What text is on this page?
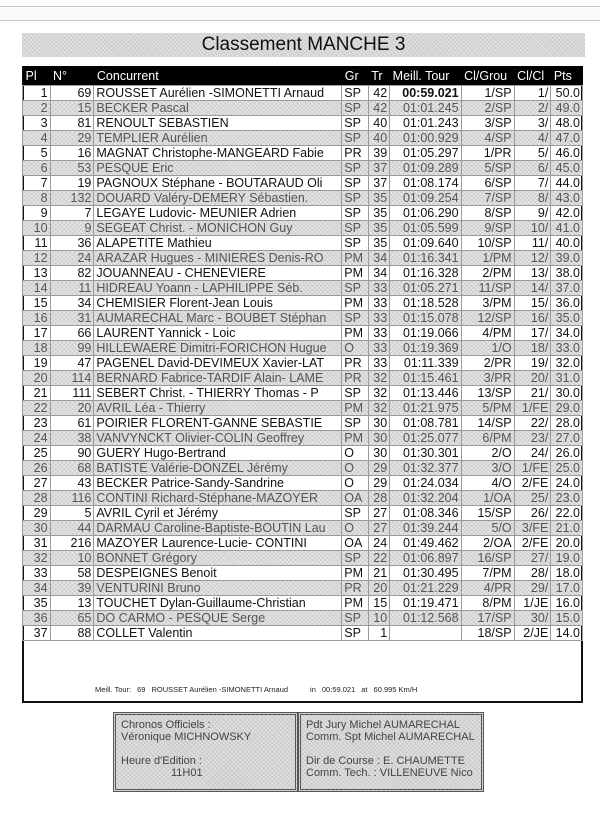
Classement MANCHE 3
Pl	N°	Concurrent	Gr	Tr	Meill. Tour	Cl/Grou	Cl/Cl	Pts
1	69	ROUSSET Aurélien -SIMONETTI Arnaud	SP	42	00:59.021	1/SP	1/	50.0
2	15	BECKER Pascal	SP	42	01:01.245	2/SP	2/	49.0
3	81	RENOULT SEBASTIEN	SP	40	01:01.243	3/SP	3/	48.0
4	29	TEMPLIER Aurélien	SP	40	01:00.929	4/SP	4/	47.0
5	16	MAGNAT Christophe-MANGEARD Fabie	PR	39	01:05.297	1/PR	5/	46.0
6	53	PESQUE Eric	SP	37	01:09.289	5/SP	6/	45.0
7	19	PAGNOUX Stéphane - BOUTARAUD Oli	SP	37	01:08.174	6/SP	7/	44.0
8	132	DOUARD Valéry-DEMERY Sébastien.	SP	35	01:09.254	7/SP	8/	43.0
9	7	LEGAYE Ludovic- MEUNIER Adrien	SP	35	01:06.290	8/SP	9/	42.0
10	9	SEGEAT Christ. - MONICHON Guy	SP	35	01:05.599	9/SP	10/	41.0
11	36	ALAPETITE Mathieu	SP	35	01:09.640	10/SP	11/	40.0
12	24	ARAZAR Hugues - MINIERES Denis-RO	PM	34	01:16.341	1/PM	12/	39.0
13	82	JOUANNEAU - CHENEVIERE	PM	34	01:16.328	2/PM	13/	38.0
14	11	HIDREAU Yoann - LAPHILIPPE Séb.	SP	33	01:05.271	11/SP	14/	37.0
15	34	CHEMISIER Florent-Jean Louis	PM	33	01:18.528	3/PM	15/	36.0
16	31	AUMARECHAL Marc - BOUBET Stéphan	SP	33	01:15.078	12/SP	16/	35.0
17	66	LAURENT Yannick - Loic	PM	33	01:19.066	4/PM	17/	34.0
18	99	HILLEWAERE Dimitri-FORICHON Hugue	O	33	01:19.369	1/O	18/	33.0
19	47	PAGENEL David-DEVIMEUX Xavier-LAT	PR	33	01:11.339	2/PR	19/	32.0
20	114	BERNARD Fabrice-TARDIF Alain- LAME	PR	32	01:15.461	3/PR	20/	31.0
21	111	SEBERT Christ. - THIERRY Thomas - P	SP	32	01:13.446	13/SP	21/	30.0
22	20	AVRIL Léa - Thierry	PM	32	01:21.975	5/PM	1/FE	29.0
23	61	POIRIER FLORENT-GANNE SEBASTIE	SP	30	01:08.781	14/SP	22/	28.0
24	38	VANVYNCKT Olivier-COLIN Geoffrey	PM	30	01:25.077	6/PM	23/	27.0
25	90	GUERY Hugo-Bertrand	O	30	01:30.301	2/O	24/	26.0
26	68	BATISTE Valérie-DONZEL Jérémy	O	29	01:32.377	3/O	1/FE	25.0
27	43	BECKER Patrice-Sandy-Sandrine	O	29	01:24.034	4/O	2/FE	24.0
28	116	CONTINI Richard-Stéphane-MAZOYER	OA	28	01:32.204	1/OA	25/	23.0
29	5	AVRIL Cyril et Jérémy	SP	27	01:08.346	15/SP	26/	22.0
30	44	DARMAU Caroline-Baptiste-BOUTIN Lau	O	27	01:39.244	5/O	3/FE	21.0
31	216	MAZOYER Laurence-Lucie- CONTINI	OA	24	01:49.462	2/OA	2/FE	20.0
32	10	BONNET Grégory	SP	22	01:06.897	16/SP	27/	19.0
33	58	DESPEIGNES Benoit	PM	21	01:30.495	7/PM	28/	18.0
34	39	VENTURINI Bruno	PR	20	01:21.229	4/PR	29/	17.0
35	13	TOUCHET Dylan-Guillaume-Christian	PM	15	01:19.471	8/PM	1/JE	16.0
36	65	DO CARMO - PESQUE Serge	SP	10	01:12.568	17/SP	30/	15.0
37	88	COLLET Valentin	SP	1		18/SP	2/JE	14.0
Meill. Tour: 69 ROUSSET Aurélien -SIMONETTI Arnaud	in 00:59.021 at 60.995 Km/H
Chronos Officiels :
Véronique MICHNOWSKY
Heure d'Edition :
11H01
Pdt Jury Michel AUMARECHAL
Comm. Spt Michel AUMARECHAL
Dir de Course : E. CHAUMETTE
Comm. Tech. : VILLENEUVE Nico
